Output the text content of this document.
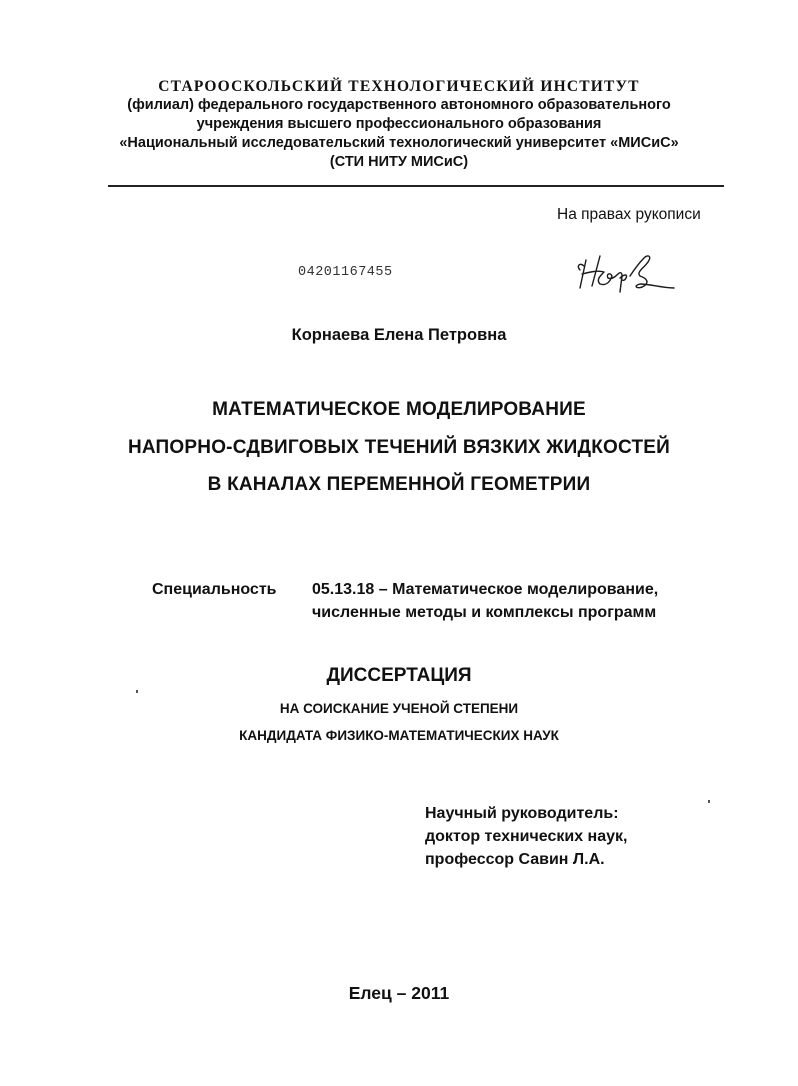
СТАРООСКОЛЬСКИЙ ТЕХНОЛОГИЧЕСКИЙ ИНСТИТУТ

(филиал) федерального государственного автономного образовательного

учреждения высшего профессионального образования

«Национальный исследовательский технологический университет «МИСиС»

(СТИ НИТУ МИСиС)

На правах рукописи

04201167455

Корнаева Елена Петровна

МАТЕМАТИЧЕСКОЕ МОДЕЛИРОВАНИЕ

НАПОРНО-СДВИГОВЫХ ТЕЧЕНИЙ ВЯЗКИХ ЖИДКОСТЕЙ

В КАНАЛАХ ПЕРЕМЕННОЙ ГЕОМЕТРИИ

Специальность 05.13.18 – Математическое моделирование,

численные методы и комплексы программ

ДИССЕРТАЦИЯ

НА СОИСКАНИЕ УЧЕНОЙ СТЕПЕНИ

КАНДИДАТА ФИЗИКО-МАТЕМАТИЧЕСКИХ НАУК

Научный руководитель:

доктор технических наук,

профессор Савин Л.А.

Елец – 2011
